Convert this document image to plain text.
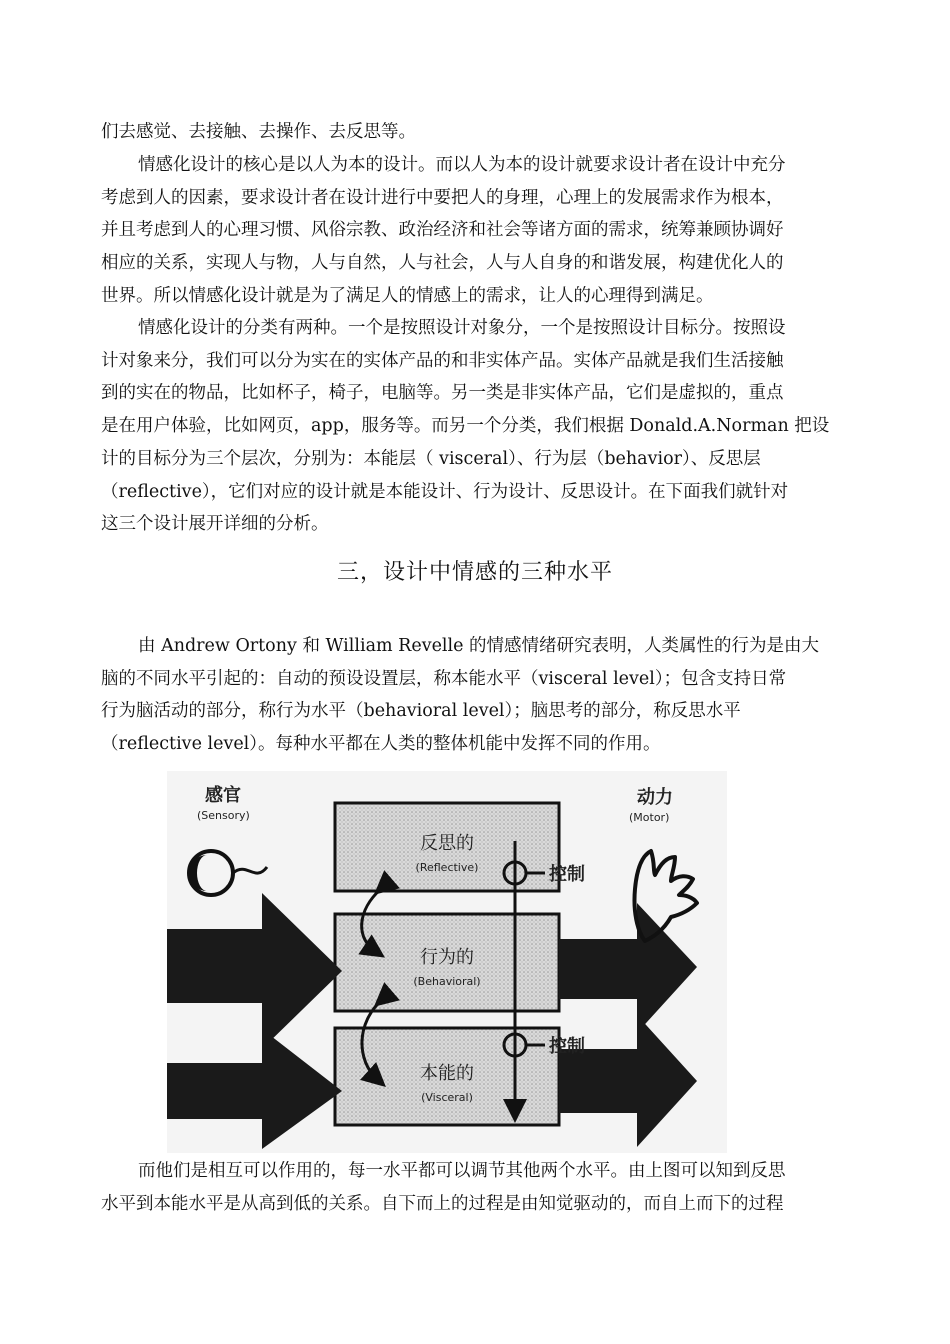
们去感觉、去接触、去操作、去反思等。

情感化设计的核心是以人为本的设计。而以人为本的设计就要求设计者在设计中充分
考虑到人的因素，要求设计者在设计进行中要把人的身理，心理上的发展需求作为根本，
并且考虑到人的心理习惯、风俗宗教、政治经济和社会等诸方面的需求，统筹兼顾协调好
相应的关系，实现人与物，人与自然，人与社会，人与人自身的和谐发展，构建优化人的
世界。所以情感化设计就是为了满足人的情感上的需求，让人的心理得到满足。

情感化设计的分类有两种。一个是按照设计对象分，一个是按照设计目标分。按照设
计对象来分，我们可以分为实在的实体产品的和非实体产品。实体产品就是我们生活接触
到的实在的物品，比如杯子，椅子，电脑等。另一类是非实体产品，它们是虚拟的，重点
是在用户体验，比如网页，app，服务等。而另一个分类，我们根据 Donald.A.Norman 把设
计的目标分为三个层次，分别为：本能层（ visceral）、行为层（behavior）、反思层
（reflective），它们对应的设计就是本能设计、行为设计、反思设计。在下面我们就针对
这三个设计展开详细的分析。

三，设计中情感的三种水平

由 Andrew Ortony 和 William Revelle 的情感情绪研究表明，人类属性的行为是由大
脑的不同水平引起的：自动的预设设置层，称本能水平（visceral level）；包含支持日常
行为脑活动的部分，称行为水平（behavioral level）；脑思考的部分，称反思水平
（reflective level）。每种水平都在人类的整体机能中发挥不同的作用。

感官
(Sensory)
动力
(Motor)
反思的
(Reflective)
行为的
(Behavioral)
本能的
(Visceral)
控制
控制

而他们是相互可以作用的，每一水平都可以调节其他两个水平。由上图可以知到反思
水平到本能水平是从高到低的关系。自下而上的过程是由知觉驱动的，而自上而下的过程
